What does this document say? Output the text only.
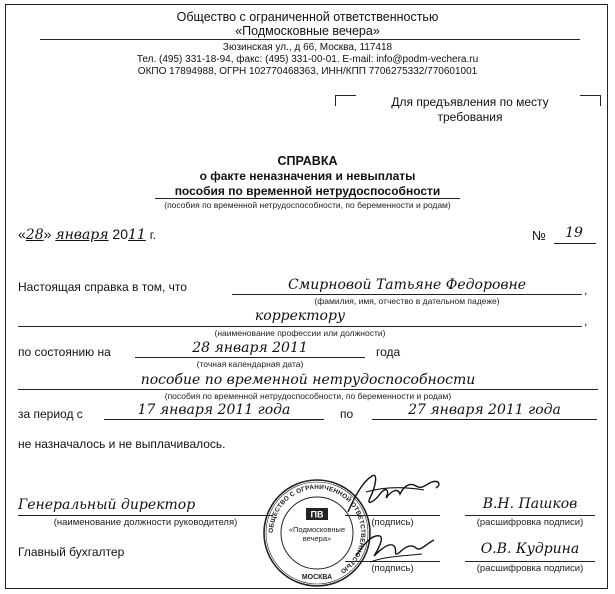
Общество с ограниченной ответственностью
«Подмосковные вечера»
Зюзинская ул., д 66, Москва, 117418
Тел. (495) 331-18-94, факс: (495) 331-00-01. E-mail: info@podm-vechera.ru
ОКПО 17894988, ОГРН 102770468363, ИНН/КПП 7706275332/770601001
Для предъявления по месту
требования
СПРАВКА
о факте неназначения и невыплаты
пособия по временной нетрудоспособности
(пособия по временной нетрудоспособности, по беременности и родам)
«28» января 2011 г.	№	19
Настоящая справка в том, что	Смирновой Татьяне Федоровне	,
(фамилия, имя, отчество в дательном падеже)
корректору	,
(наименование профессии или должности)
по состоянию на	28 января 2011	года
(точная календарная дата)
пособие по временной нетрудоспособности
(пособия по временной нетрудоспособности, по беременности и родам)
за период с	17 января 2011 года	по	27 января 2011 года
не назначалось и не выплачивалось.
Генеральный директор
(наименование должности руководителя)	(подпись)
В.Н. Пашков
(расшифровка подписи)
Главный бухгалтер
(подпись)
О.В. Кудрина
(расшифровка подписи)
ОБЩЕСТВО С ОГРАНИЧЕННОЙ ОТВЕТСТВЕННОСТЬЮ
МОСКВА
ПВ
«Подмосковные
вечера»
